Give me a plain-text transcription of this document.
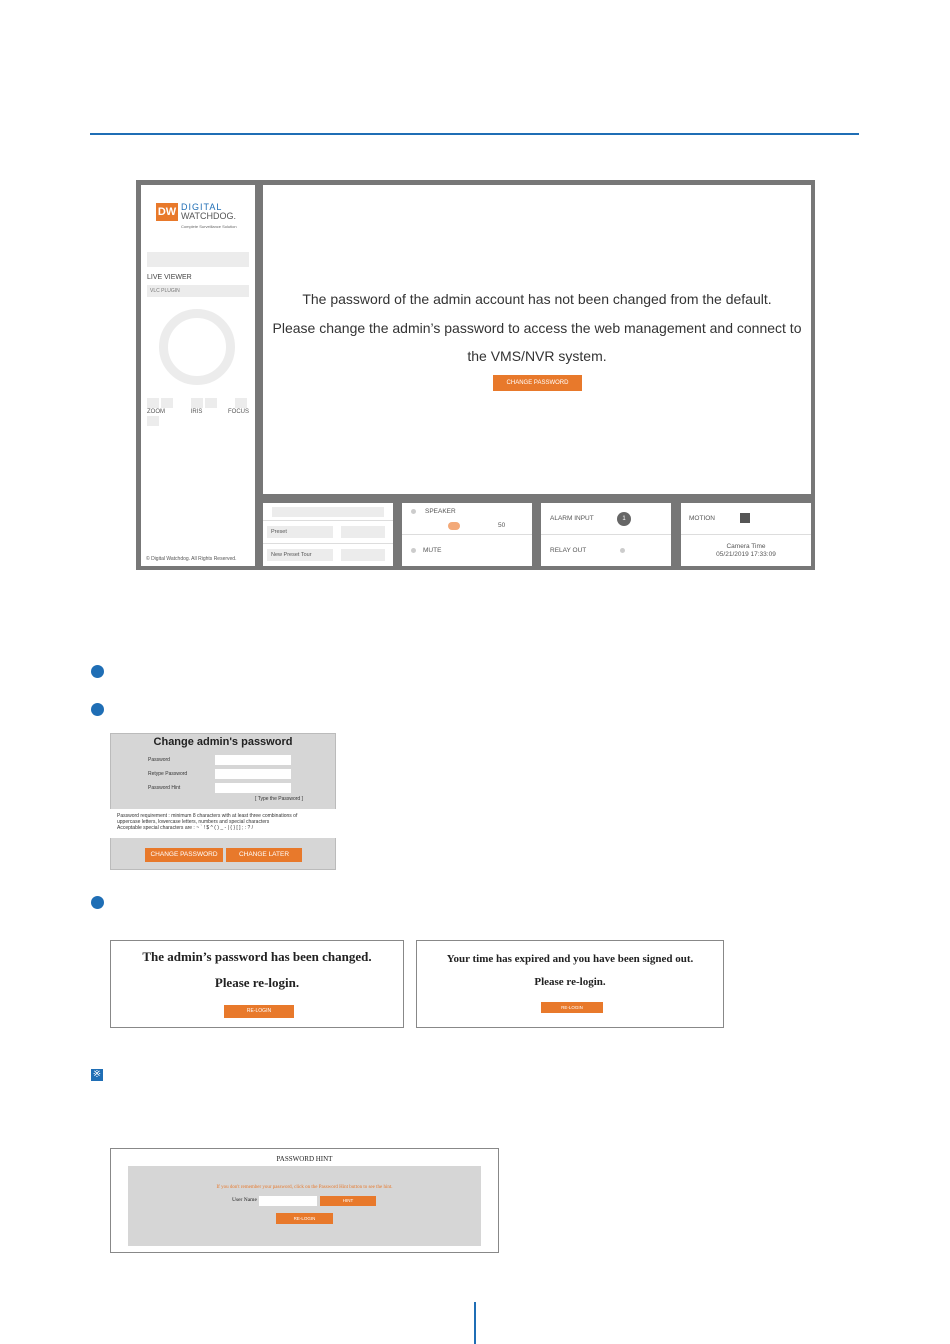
DW DIGITAL
WATCHDOG.
Complete Surveillance Solution
LIVE VIEWER
VLC PLUGIN
ZOOM	IRIS	FOCUS
© Digital Watchdog. All Rights Reserved.
The password of the admin account has not been changed from the default.
Please change the admin’s password to access the web management and connect to
the VMS/NVR system.
CHANGE PASSWORD
Preset
New Preset Tour
SPEAKER
50
MUTE
ALARM INPUT	1
RELAY OUT
MOTION
Camera Time
05/21/2019 17:33:09
Change admin's password
Password
Retype Password
Password Hint
[ Type the Password ]
Password requirement : minimum 8 characters with at least three combinations of
uppercase letters, lowercase letters, numbers and special characters
Acceptable special characters are : ~ ` ! $ ^ ( ) _ - | { } [ ] ; : ? /
CHANGE PASSWORD	CHANGE LATER
The admin’s password has been changed.
Please re-login.
RE-LOGIN
Your time has expired and you have been signed out.
Please re-login.
RE-LOGIN
※
PASSWORD HINT
If you don't remember your password, click on the Password Hint button to see the hint.
User Name	HINT
RE-LOGIN
